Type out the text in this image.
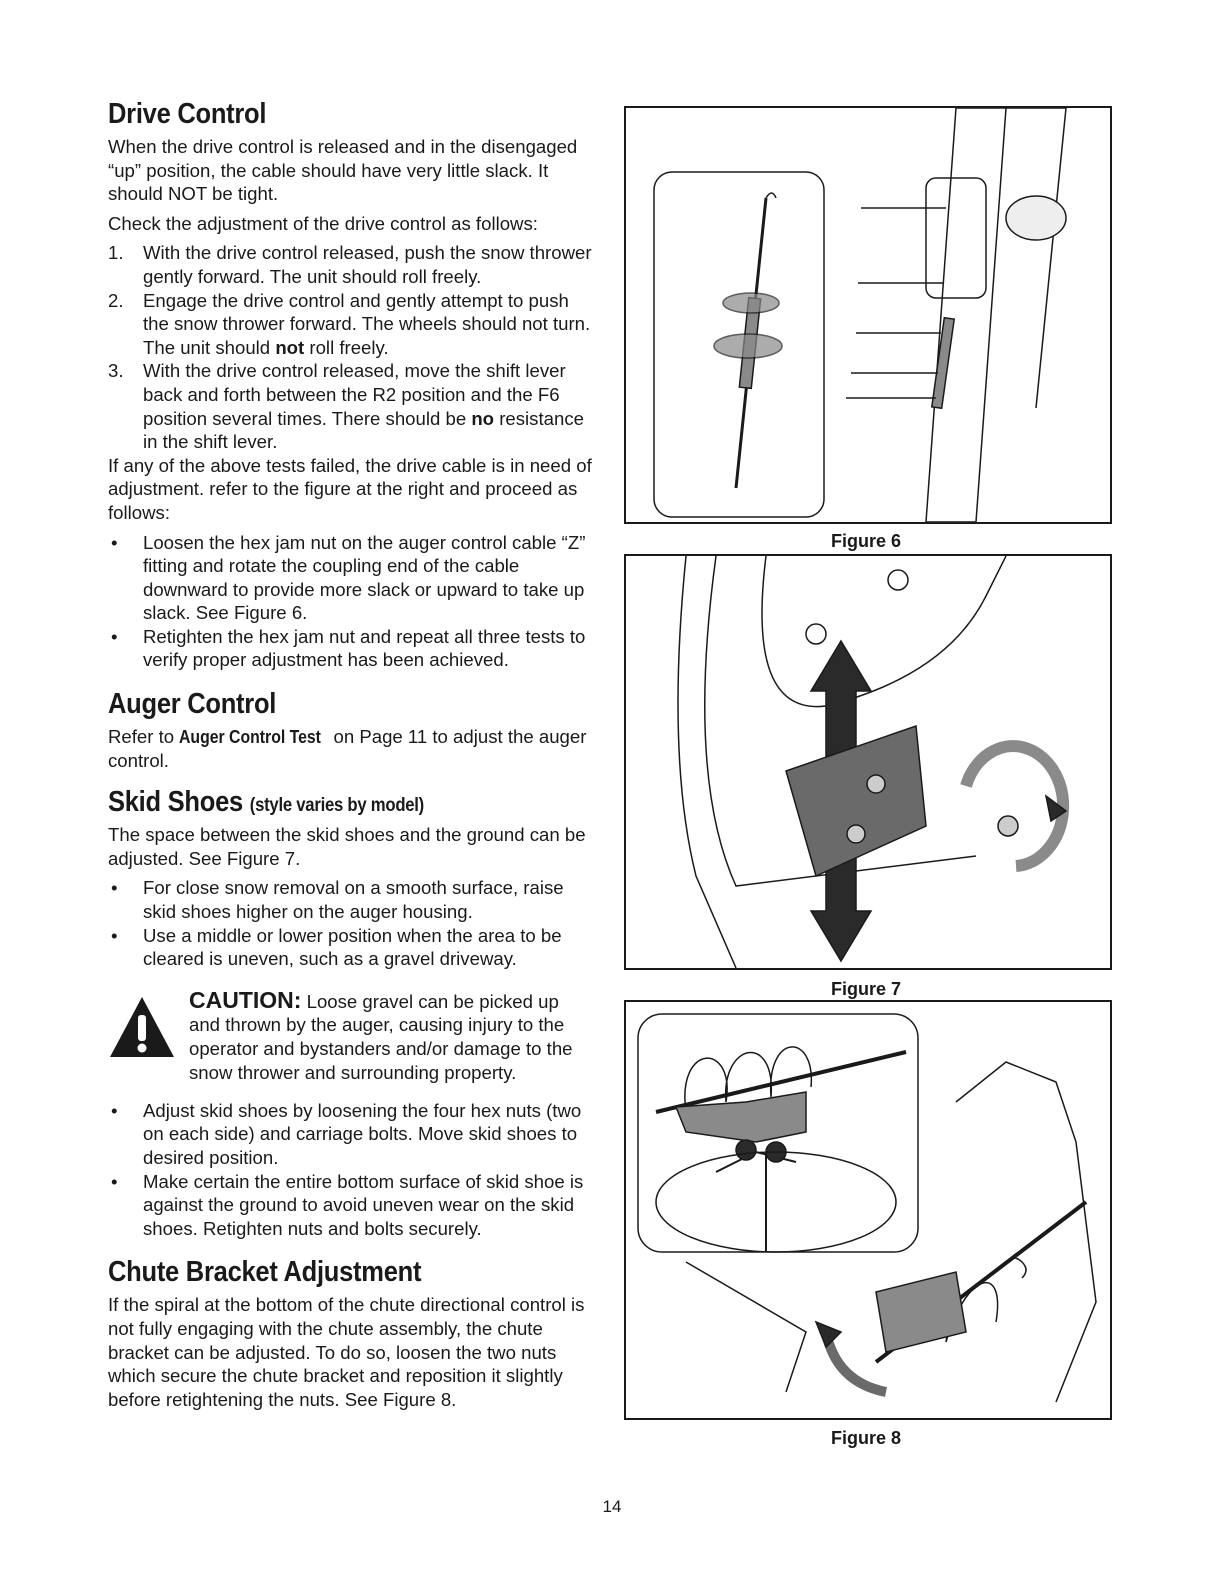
Drive Control

When the drive control is released and in the disengaged “up” position, the cable should have very little slack. It should NOT be tight.

Check the adjustment of the drive control as follows:

1. With the drive control released, push the snow thrower gently forward. The unit should roll freely.
2. Engage the drive control and gently attempt to push the snow thrower forward. The wheels should not turn. The unit should not roll freely.
3. With the drive control released, move the shift lever back and forth between the R2 position and the F6 position several times. There should be no resistance in the shift lever.

If any of the above tests failed, the drive cable is in need of adjustment. refer to the figure at the right and proceed as follows:

• Loosen the hex jam nut on the auger control cable “Z” fitting and rotate the coupling end of the cable downward to provide more slack or upward to take up slack. See Figure 6.
• Retighten the hex jam nut and repeat all three tests to verify proper adjustment has been achieved.
Auger Control

Refer to Auger Control Test on Page 11 to adjust the auger control.

Skid Shoes (style varies by model)

The space between the skid shoes and the ground can be adjusted. See Figure 7.

• For close snow removal on a smooth surface, raise skid shoes higher on the auger housing.
• Use a middle or lower position when the area to be cleared is uneven, such as a gravel driveway.

CAUTION: Loose gravel can be picked up and thrown by the auger, causing injury to the operator and bystanders and/or damage to the snow thrower and surrounding property.

• Adjust skid shoes by loosening the four hex nuts (two on each side) and carriage bolts. Move skid shoes to desired position.
• Make certain the entire bottom surface of skid shoe is against the ground to avoid uneven wear on the skid shoes. Retighten nuts and bolts securely.
Chute Bracket Adjustment

If the spiral at the bottom of the chute directional control is not fully engaging with the chute assembly, the chute bracket can be adjusted. To do so, loosen the two nuts which secure the chute bracket and reposition it slightly before retightening the nuts. See Figure 8.

Figure 6
Figure 7
Figure 8
14
